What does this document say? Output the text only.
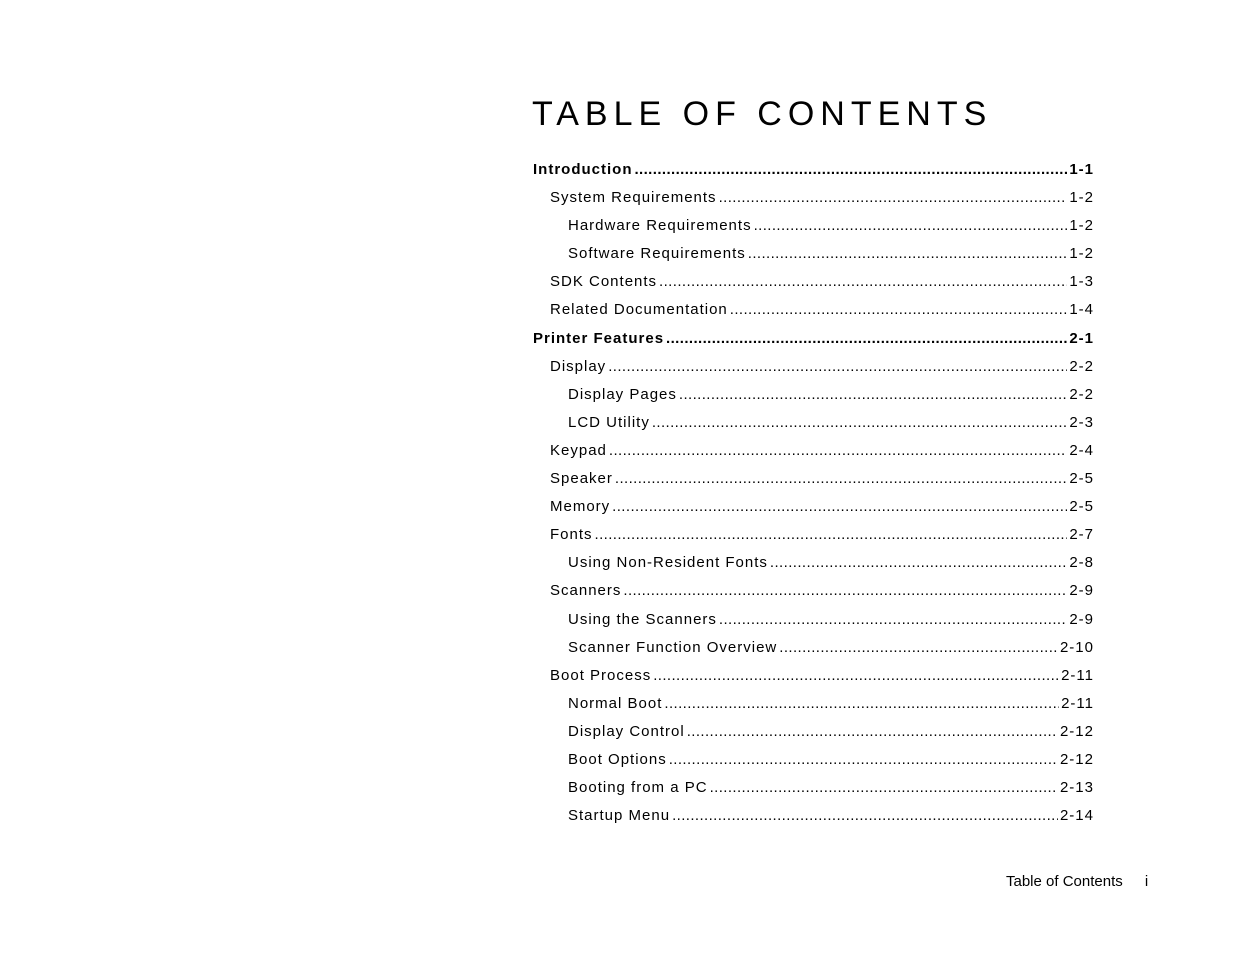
TABLE OF CONTENTS
Introduction .....	1-1
System Requirements .....	1-2
Hardware Requirements .....	1-2
Software Requirements .....	1-2
SDK Contents .....	1-3
Related Documentation .....	1-4
Printer Features .....	2-1
Display .....	2-2
Display Pages .....	2-2
LCD Utility .....	2-3
Keypad .....	2-4
Speaker .....	2-5
Memory .....	2-5
Fonts .....	2-7
Using Non-Resident Fonts .....	2-8
Scanners .....	2-9
Using the Scanners .....	2-9
Scanner Function Overview .....	2-10
Boot Process .....	2-11
Normal Boot .....	2-11
Display Control .....	2-12
Boot Options .....	2-12
Booting from a PC .....	2-13
Startup Menu .....	2-14
Table of Contents i
